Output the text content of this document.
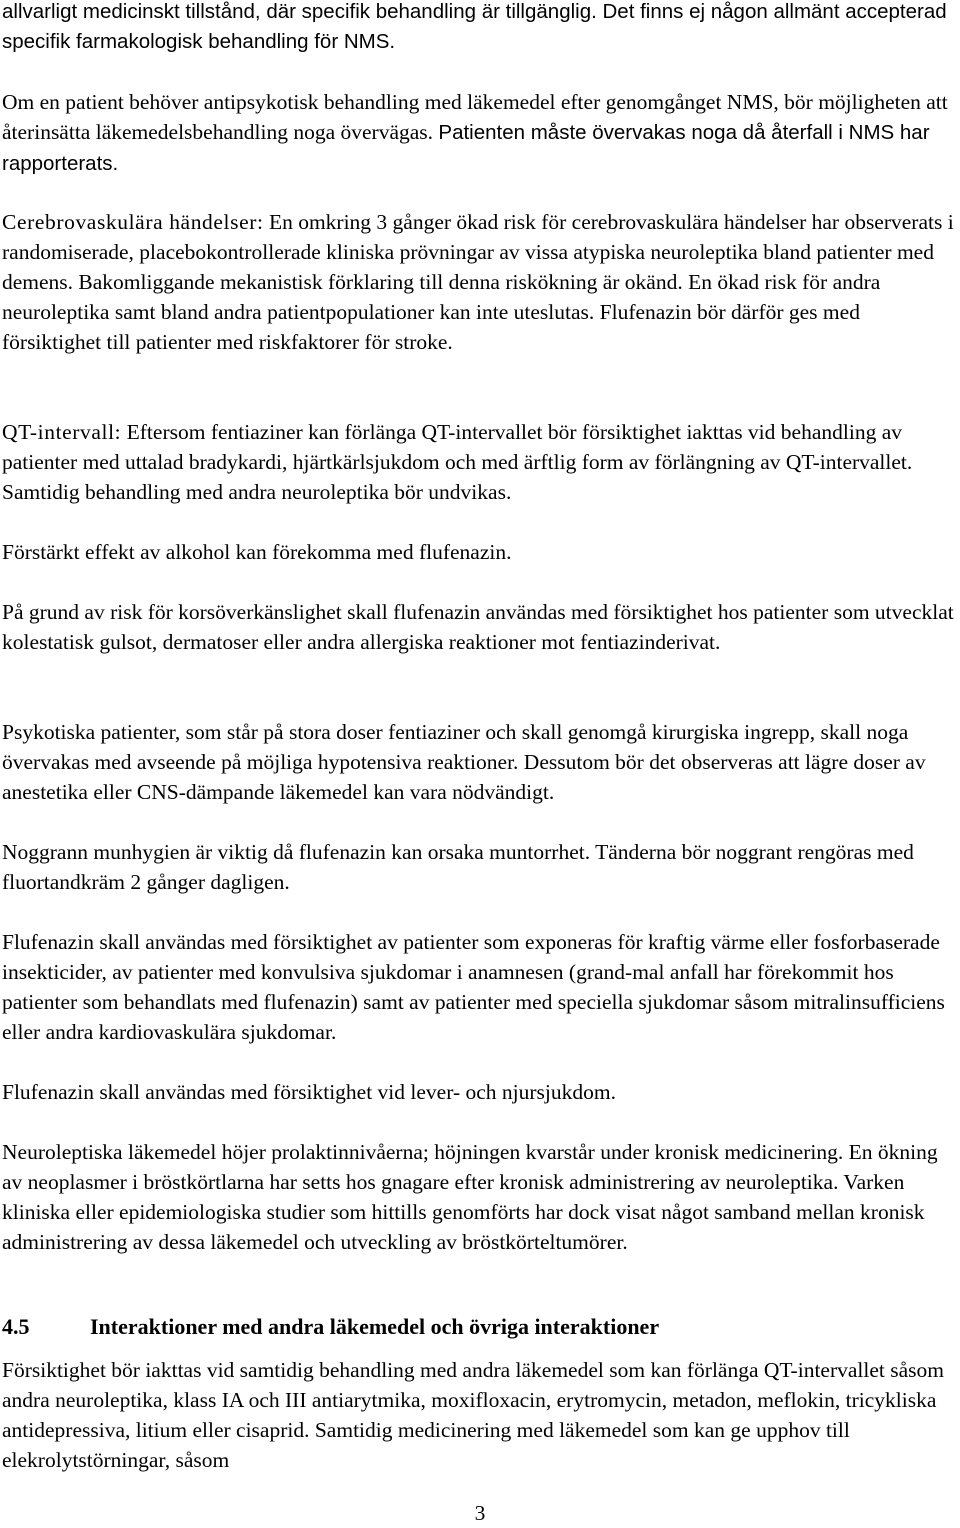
allvarligt medicinskt tillstånd, där specifik behandling är tillgänglig. Det finns ej någon allmänt accepterad specifik farmakologisk behandling för NMS.

Om en patient behöver antipsykotisk behandling med läkemedel efter genomgånget NMS, bör möjligheten att återinsätta läkemedelsbehandling noga övervägas. Patienten måste övervakas noga då återfall i NMS har rapporterats.

Cerebrovaskulära händelser: En omkring 3 gånger ökad risk för cerebrovaskulära händelser har observerats i randomiserade, placebokontrollerade kliniska prövningar av vissa atypiska neuroleptika bland patienter med demens. Bakomliggande mekanistisk förklaring till denna riskökning är okänd. En ökad risk för andra neuroleptika samt bland andra patientpopulationer kan inte uteslutas. Flufenazin bör därför ges med försiktighet till patienter med riskfaktorer för stroke.

QT-intervall: Eftersom fentiaziner kan förlänga QT-intervallet bör försiktighet iakttas vid behandling av patienter med uttalad bradykardi, hjärtkärlsjukdom och med ärftlig form av förlängning av QT-intervallet. Samtidig behandling med andra neuroleptika bör undvikas.

Förstärkt effekt av alkohol kan förekomma med flufenazin.

På grund av risk för korsöverkänslighet skall flufenazin användas med försiktighet hos patienter som utvecklat kolestatisk gulsot, dermatoser eller andra allergiska reaktioner mot fentiazinderivat.

Psykotiska patienter, som står på stora doser fentiaziner och skall genomgå kirurgiska ingrepp, skall noga övervakas med avseende på möjliga hypotensiva reaktioner. Dessutom bör det observeras att lägre doser av anestetika eller CNS-dämpande läkemedel kan vara nödvändigt.

Noggrann munhygien är viktig då flufenazin kan orsaka muntorrhet. Tänderna bör noggrant rengöras med fluortandkräm 2 gånger dagligen.

Flufenazin skall användas med försiktighet av patienter som exponeras för kraftig värme eller fosforbaserade insekticider, av patienter med konvulsiva sjukdomar i anamnesen (grand-mal anfall har förekommit hos patienter som behandlats med flufenazin) samt av patienter med speciella sjukdomar såsom mitralinsufficiens eller andra kardiovaskulära sjukdomar.

Flufenazin skall användas med försiktighet vid lever- och njursjukdom.

Neuroleptiska läkemedel höjer prolaktinnivåerna; höjningen kvarstår under kronisk medicinering. En ökning av neoplasmer i bröstkörtlarna har setts hos gnagare efter kronisk administrering av neuroleptika. Varken kliniska eller epidemiologiska studier som hittills genomförts har dock visat något samband mellan kronisk administrering av dessa läkemedel och utveckling av bröstkörteltumörer.

4.5	Interaktioner med andra läkemedel och övriga interaktioner

Försiktighet bör iakttas vid samtidig behandling med andra läkemedel som kan förlänga QT-intervallet såsom andra neuroleptika, klass IA och III antiarytmika, moxifloxacin, erytromycin, metadon, meflokin, tricykliska antidepressiva, litium eller cisaprid. Samtidig medicinering med läkemedel som kan ge upphov till elekrolytstörningar, såsom

3
